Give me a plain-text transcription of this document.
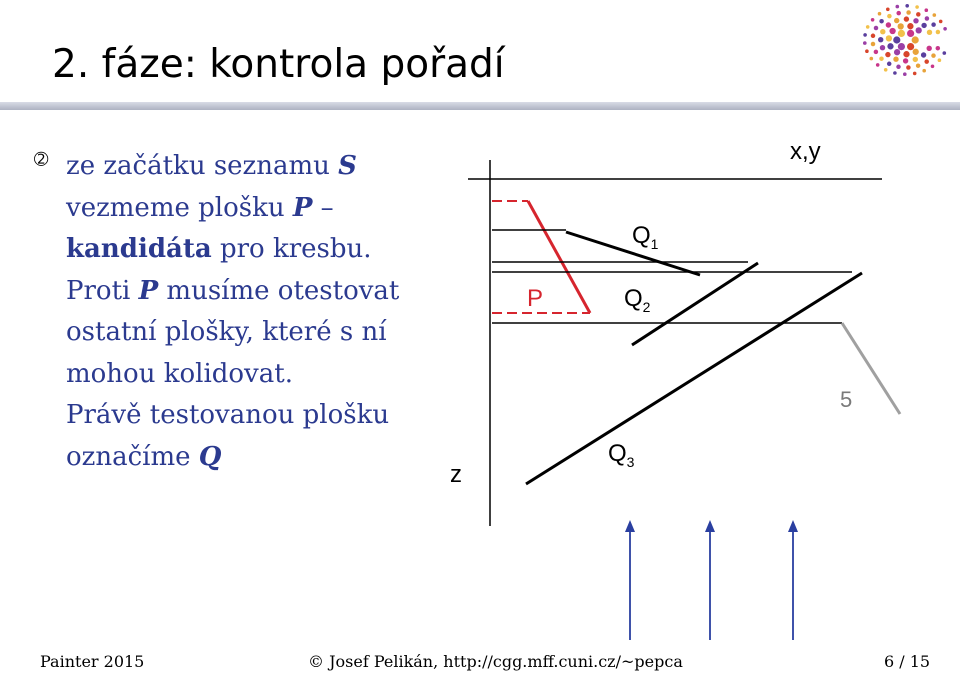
2. fáze: kontrola pořadí
➁ ze začátku seznamu S
vezmeme plošku P –
kandidáta pro kresbu.
Proti P musíme otestovat
ostatní plošky, které s ní
mohou kolidovat.
Právě testovanou plošku
označíme Q
x,y
z
P
$Q_1$
$Q_2$
$Q_3$
5
Painter 2015	© Josef Pelikán, http://cgg.mff.cuni.cz/~pepca	6 / 15
